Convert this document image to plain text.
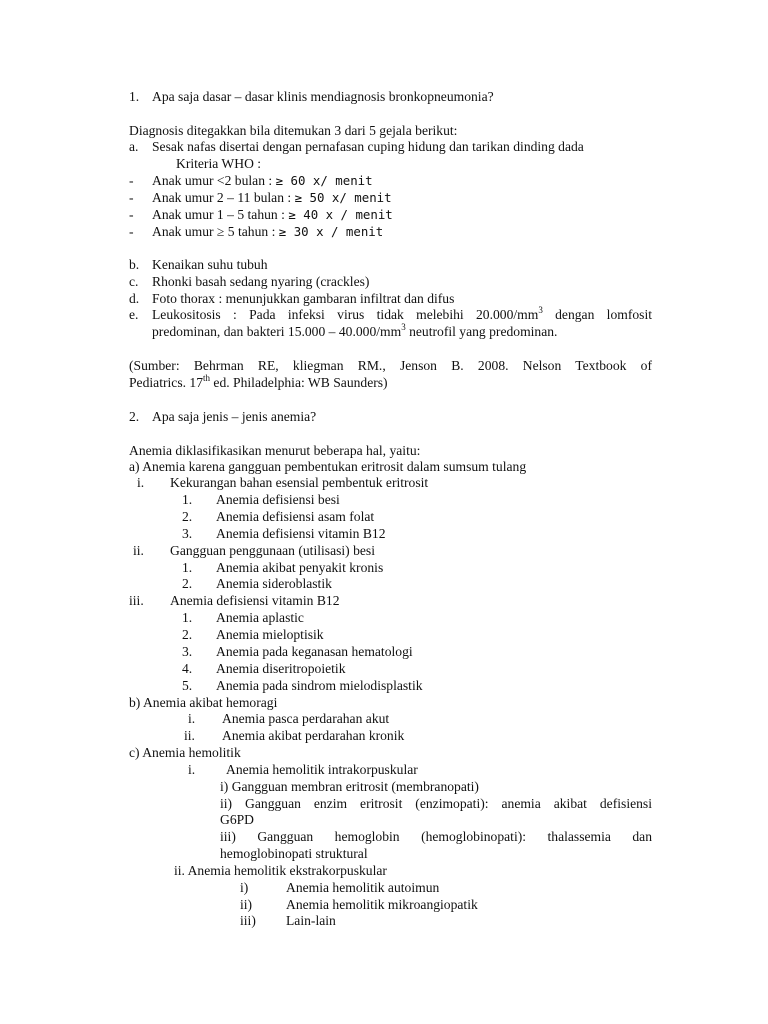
1. Apa saja dasar – dasar klinis mendiagnosis bronkopneumonia?
Diagnosis ditegakkan bila ditemukan 3 dari 5 gejala berikut:
a. Sesak nafas disertai dengan pernafasan cuping hidung dan tarikan dinding dada
Kriteria WHO :
- Anak umur <2 bulan : ≥ 60 x/ menit
- Anak umur 2 – 11 bulan : ≥ 50 x/ menit
- Anak umur 1 – 5 tahun : ≥ 40 x / menit
- Anak umur ≥ 5 tahun : ≥ 30 x / menit
b. Kenaikan suhu tubuh
c. Rhonki basah sedang nyaring (crackles)
d. Foto thorax : menunjukkan gambaran infiltrat dan difus
e. Leukositosis : Pada infeksi virus tidak melebihi $20.000/mm^3$ dengan lomfosit
predominan, dan bakteri $15.000 - 40.000/mm^3$ neutrofil yang predominan.
(Sumber: Behrman RE, kliegman RM., Jenson B. 2008. Nelson Textbook of
Pediatrics. 17th ed. Philadelphia: WB Saunders)
2. Apa saja jenis – jenis anemia?
Anemia diklasifikasikan menurut beberapa hal, yaitu:
a) Anemia karena gangguan pembentukan eritrosit dalam sumsum tulang
i. Kekurangan bahan esensial pembentuk eritrosit
1. Anemia defisiensi besi
2. Anemia defisiensi asam folat
3. Anemia defisiensi vitamin B12
ii. Gangguan penggunaan (utilisasi) besi
1. Anemia akibat penyakit kronis
2. Anemia sideroblastik
iii. Anemia defisiensi vitamin B12
1. Anemia aplastic
2. Anemia mieloptisik
3. Anemia pada keganasan hematologi
4. Anemia diseritropoietik
5. Anemia pada sindrom mielodisplastik
b) Anemia akibat hemoragi
i. Anemia pasca perdarahan akut
ii. Anemia akibat perdarahan kronik
c) Anemia hemolitik
i. Anemia hemolitik intrakorpuskular
i) Gangguan membran eritrosit (membranopati)
ii) Gangguan enzim eritrosit (enzimopati): anemia akibat defisiensi
G6PD
iii) Gangguan hemoglobin (hemoglobinopati): thalassemia dan
hemoglobinopati struktural
ii. Anemia hemolitik ekstrakorpuskular
i)	Anemia hemolitik autoimun
ii) Anemia hemolitik mikroangiopatik
iii) Lain-lain
